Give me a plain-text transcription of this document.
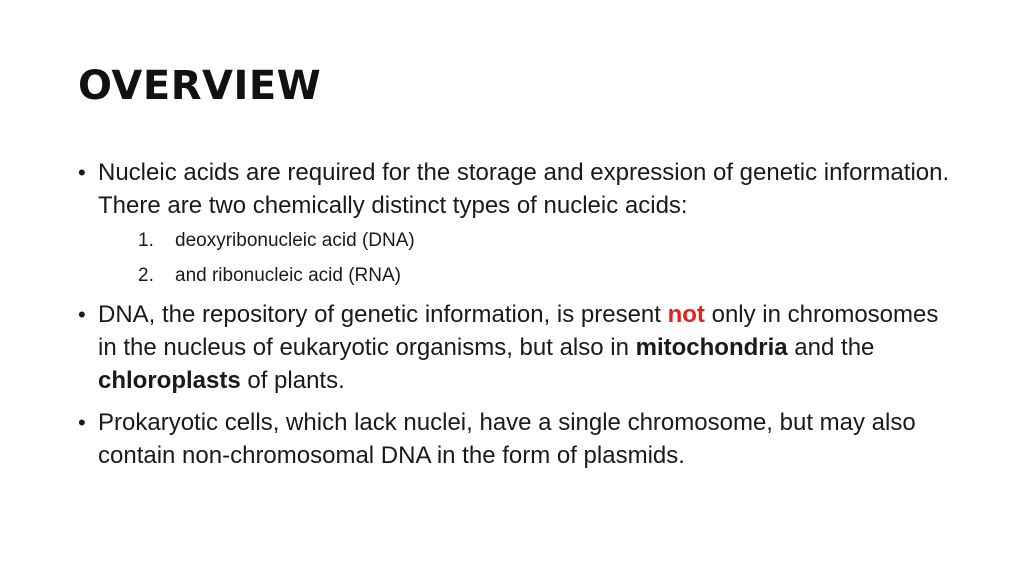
OVERVIEW
• Nucleic acids are required for the storage and expression of genetic information. There are two chemically distinct types of nucleic acids:
1.	deoxyribonucleic acid (DNA)
2.	and ribonucleic acid (RNA)
• DNA, the repository of genetic information, is present not only in chromosomes in the nucleus of eukaryotic organisms, but also in mitochondria and the chloroplasts of plants.
• Prokaryotic cells, which lack nuclei, have a single chromosome, but may also contain non-chromosomal DNA in the form of plasmids.
